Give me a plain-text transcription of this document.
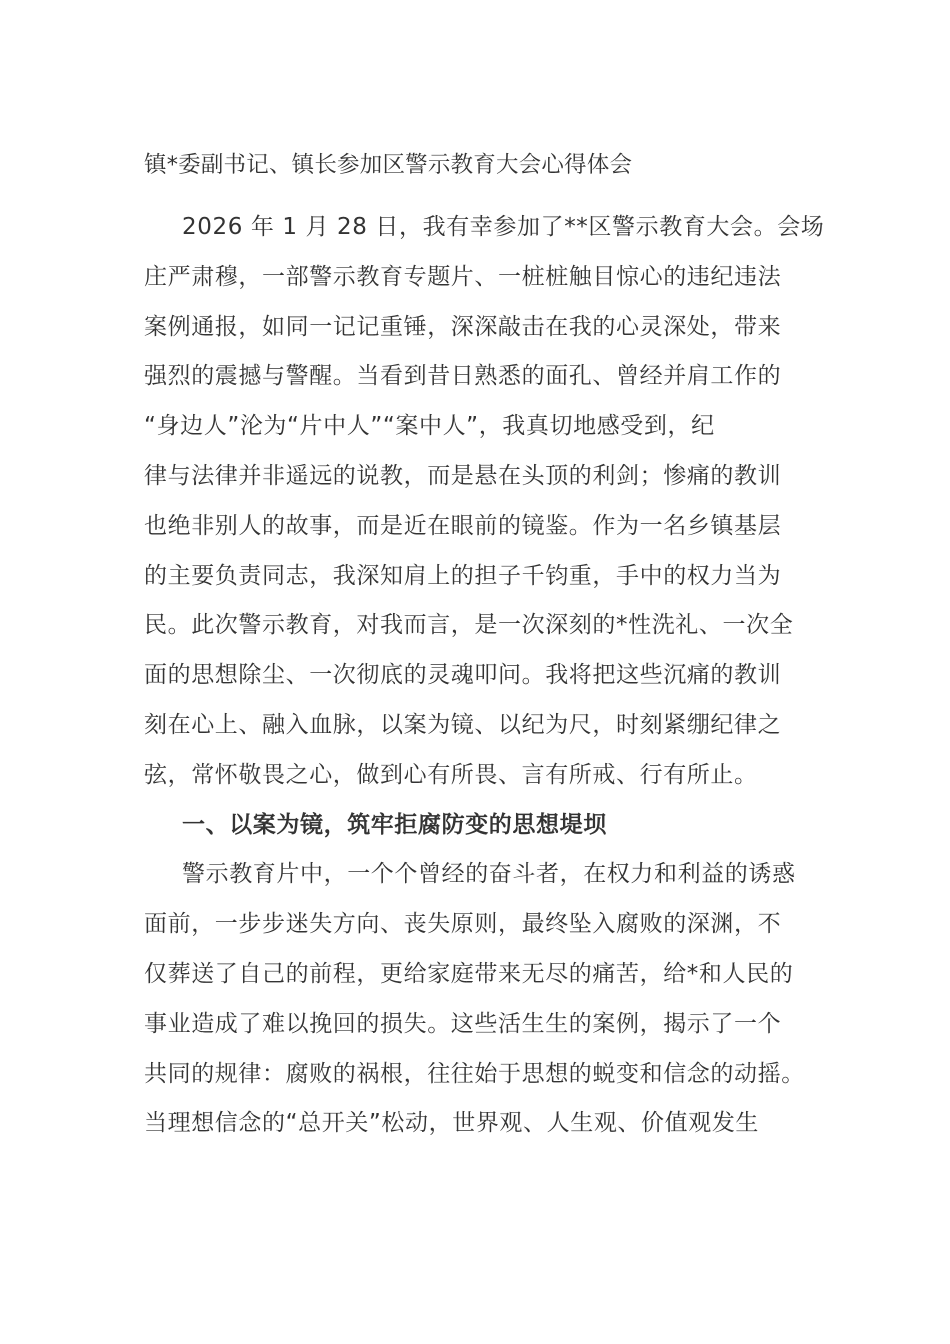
镇*委副书记、镇长参加区警示教育大会心得体会
2026 年 1 月 28 日，我有幸参加了**区警示教育大会。会场
庄严肃穆，一部警示教育专题片、一桩桩触目惊心的违纪违法
案例通报，如同一记记重锤，深深敲击在我的心灵深处，带来
强烈的震撼与警醒。当看到昔日熟悉的面孔、曾经并肩工作的
“身边人”沦为“片中人”“案中人”，我真切地感受到，纪
律与法律并非遥远的说教，而是悬在头顶的利剑；惨痛的教训
也绝非别人的故事，而是近在眼前的镜鉴。作为一名乡镇基层
的主要负责同志，我深知肩上的担子千钧重，手中的权力当为
民。此次警示教育，对我而言，是一次深刻的*性洗礼、一次全
面的思想除尘、一次彻底的灵魂叩问。我将把这些沉痛的教训
刻在心上、融入血脉，以案为镜、以纪为尺，时刻紧绷纪律之
弦，常怀敬畏之心，做到心有所畏、言有所戒、行有所止。
一、以案为镜，筑牢拒腐防变的思想堤坝
警示教育片中，一个个曾经的奋斗者，在权力和利益的诱惑
面前，一步步迷失方向、丧失原则，最终坠入腐败的深渊，不
仅葬送了自己的前程，更给家庭带来无尽的痛苦，给*和人民的
事业造成了难以挽回的损失。这些活生生的案例，揭示了一个
共同的规律：腐败的祸根，往往始于思想的蜕变和信念的动摇。
当理想信念的“总开关”松动，世界观、人生观、价值观发生
